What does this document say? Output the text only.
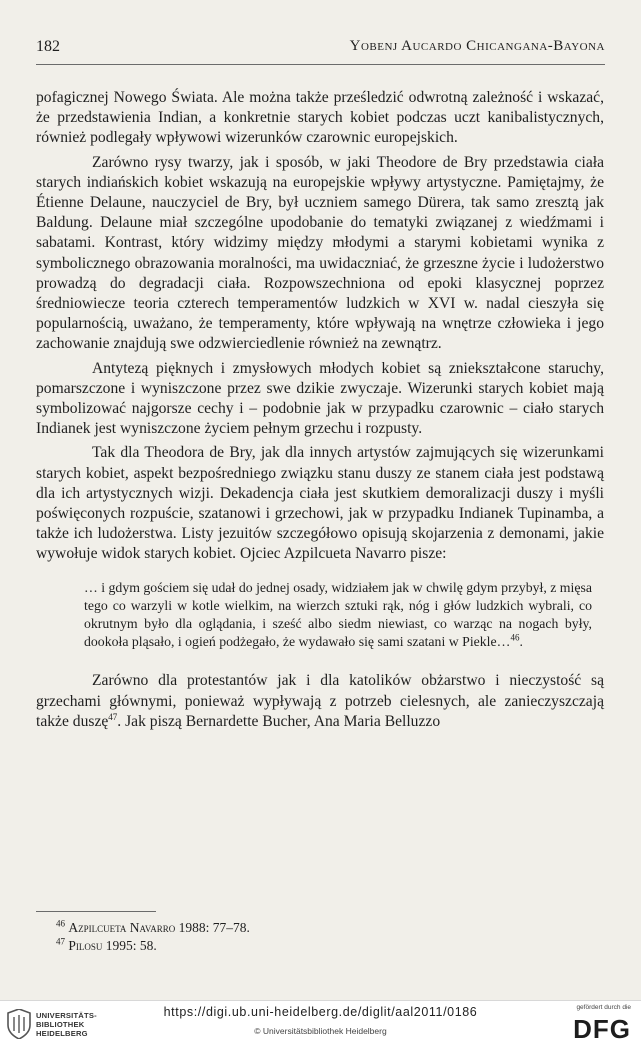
182	Yobenj Aucardo Chicangana-Bayona

pofagicznej Nowego Świata. Ale można także prześledzić odwrotną zależność i wskazać, że przedstawienia Indian, a konkretnie starych kobiet podczas uczt kanibalistycznych, również podlegały wpływowi wizerunków czarownic europejskich.

Zarówno rysy twarzy, jak i sposób, w jaki Theodore de Bry przedstawia ciała starych indiańskich kobiet wskazują na europejskie wpływy artystyczne. Pamiętajmy, że Étienne Delaune, nauczyciel de Bry, był uczniem samego Dürera, tak samo zresztą jak Baldung. Delaune miał szczególne upodobanie do tematyki związanej z wiedźmami i sabatami. Kontrast, który widzimy między młodymi a starymi kobietami wynika z symbolicznego obrazowania moralności, ma uwidaczniać, że grzeszne życie i ludożerstwo prowadzą do degradacji ciała. Rozpowszechniona od epoki klasycznej poprzez średniowiecze teoria czterech temperamentów ludzkich w XVI w. nadal cieszyła się popularnością, uważano, że temperamenty, które wpływają na wnętrze człowieka i jego zachowanie znajdują swe odzwierciedlenie również na zewnątrz.

Antytezą pięknych i zmysłowych młodych kobiet są zniekształcone staruchy, pomarszczone i wyniszczone przez swe dzikie zwyczaje. Wizerunki starych kobiet mają symbolizować najgorsze cechy i – podobnie jak w przypadku czarownic – ciało starych Indianek jest wyniszczone życiem pełnym grzechu i rozpusty.

Tak dla Theodora de Bry, jak dla innych artystów zajmujących się wizerunkami starych kobiet, aspekt bezpośredniego związku stanu duszy ze stanem ciała jest podstawą dla ich artystycznych wizji. Dekadencja ciała jest skutkiem demoralizacji duszy i myśli poświęconych rozpuście, szatanowi i grzechowi, jak w przypadku Indianek Tupinamba, a także ich ludożerstwa. Listy jezuitów szczegółowo opisują skojarzenia z demonami, jakie wywołuje widok starych kobiet. Ojciec Azpilcueta Navarro pisze:

… i gdym gościem się udał do jednej osady, widziałem jak w chwilę gdym przybył, z mięsa tego co warzyli w kotle wielkim, na wierzch sztuki rąk, nóg i głów ludzkich wybrali, co okrutnym było dla oglądania, i sześć albo siedm niewiast, co warząc na nogach były, dookoła pląsało, i ogień podżegało, że wydawało się sami szatani w Piekle…$^{46}$.

Zarówno dla protestantów jak i dla katolików obżarstwo i nieczystość są grzechami głównymi, ponieważ wypływają z potrzeb cielesnych, ale zanieczyszczają także duszę$^{47}$. Jak piszą Bernardette Bucher, Ana Maria Belluzzo

$^{46}$ Azpilcueta Navarro 1988: 77–78.

$^{47}$ Pilosu 1995: 58.

UNIVERSITÄTS-
BIBLIOTHEK
HEIDELBERG
https://digi.ub.uni-heidelberg.de/diglit/aal2011/0186
© Universitätsbibliothek Heidelberg
gefördert durch die
DFG
